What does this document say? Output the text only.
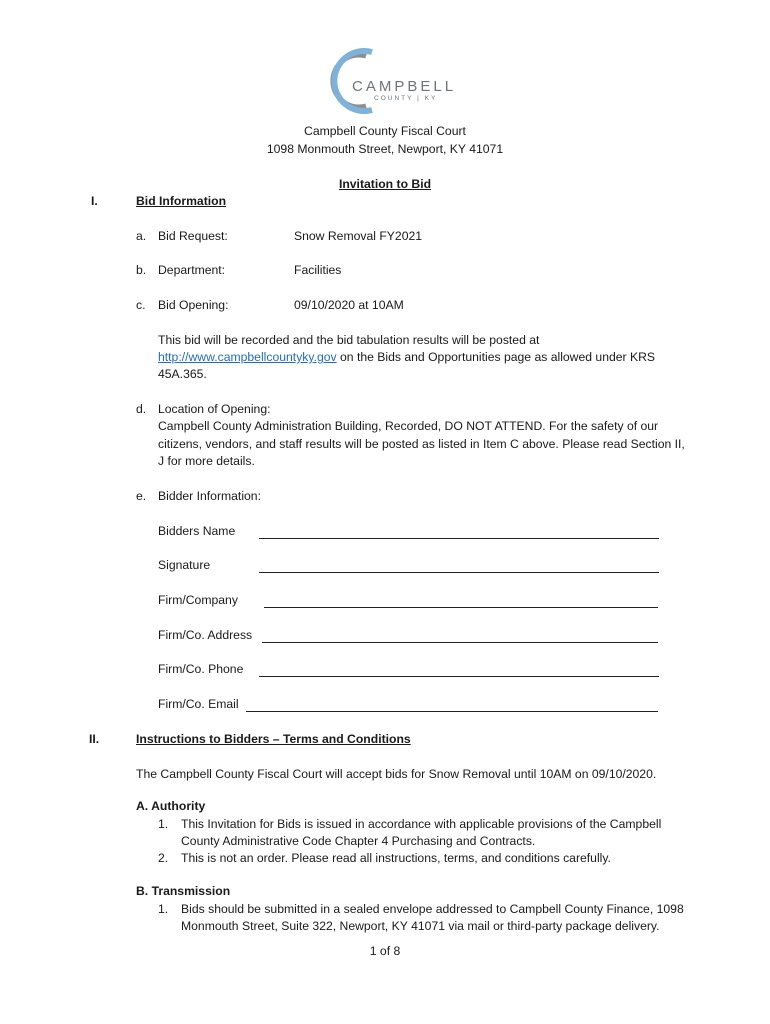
CAMPBELL
COUNTY | KY
Campbell County Fiscal Court
1098 Monmouth Street, Newport, KY 41071
Invitation to Bid
I.	Bid Information
a. Bid Request:	Snow Removal FY2021
b. Department:	Facilities
c. Bid Opening:	09/10/2020 at 10AM
This bid will be recorded and the bid tabulation results will be posted at
http://www.campbellcountyky.gov on the Bids and Opportunities page as allowed under KRS
45A.365.
d. Location of Opening:
Campbell County Administration Building, Recorded, DO NOT ATTEND. For the safety of our
citizens, vendors, and staff results will be posted as listed in Item C above. Please read Section II,
J for more details.
e. Bidder Information:
Bidders Name
Signature
Firm/Company
Firm/Co. Address
Firm/Co. Phone
Firm/Co. Email
II.	Instructions to Bidders – Terms and Conditions
The Campbell County Fiscal Court will accept bids for Snow Removal until 10AM on 09/10/2020.
A. Authority
1. This Invitation for Bids is issued in accordance with applicable provisions of the Campbell
County Administrative Code Chapter 4 Purchasing and Contracts.
2. This is not an order. Please read all instructions, terms, and conditions carefully.
B. Transmission
1. Bids should be submitted in a sealed envelope addressed to Campbell County Finance, 1098
Monmouth Street, Suite 322, Newport, KY 41071 via mail or third-party package delivery.
1 of 8
